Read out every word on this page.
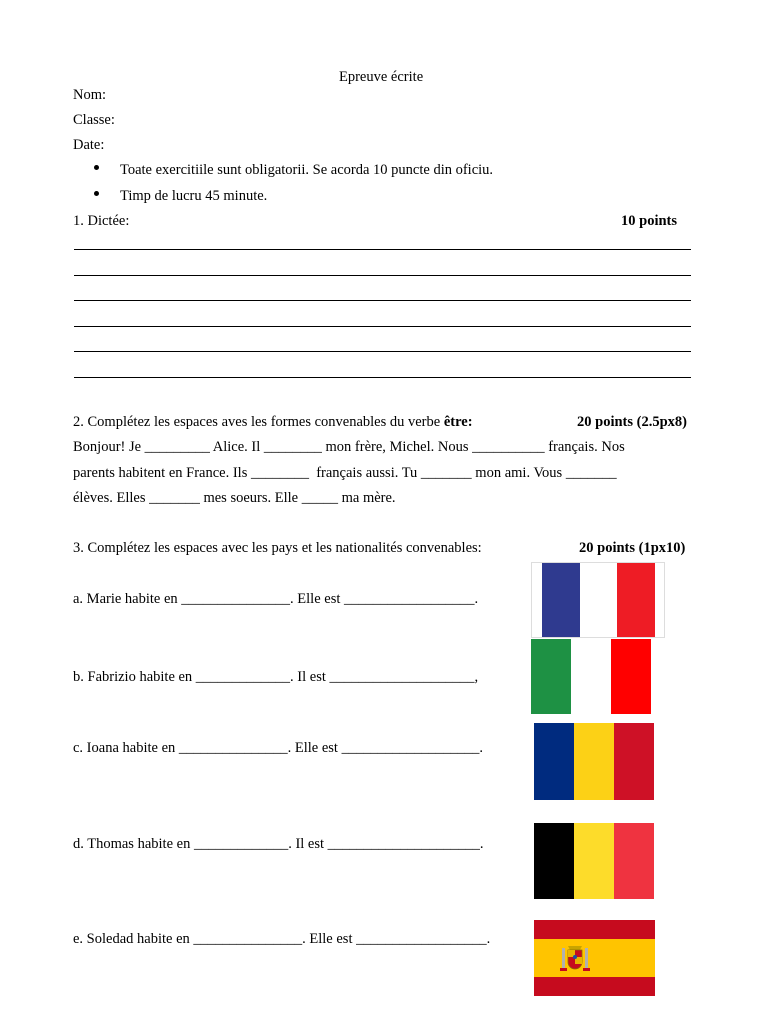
Epreuve écrite
Nom:
Classe:
Date:
Toate exercitiile sunt obligatorii. Se acorda 10 puncte din oficiu.
Timp de lucru 45 minute.
1. Dictée:	10 points
2. Complétez les espaces aves les formes convenables du verbe être:	20 points (2.5px8)
Bonjour! Je _________ Alice. Il ________ mon frère, Michel. Nous __________ français. Nos
parents habitent en France. Ils ________  français aussi. Tu _______ mon ami. Vous _______
élèves. Elles _______ mes soeurs. Elle _____ ma mère.
3. Complétez les espaces avec les pays et les nationalités convenables:	20 points (1px10)
a. Marie habite en _______________. Elle est __________________.
b. Fabrizio habite en _____________. Il est ____________________,
c. Ioana habite en _______________. Elle est ___________________.
d. Thomas habite en _____________. Il est _____________________.
e. Soledad habite en _______________. Elle est __________________.
